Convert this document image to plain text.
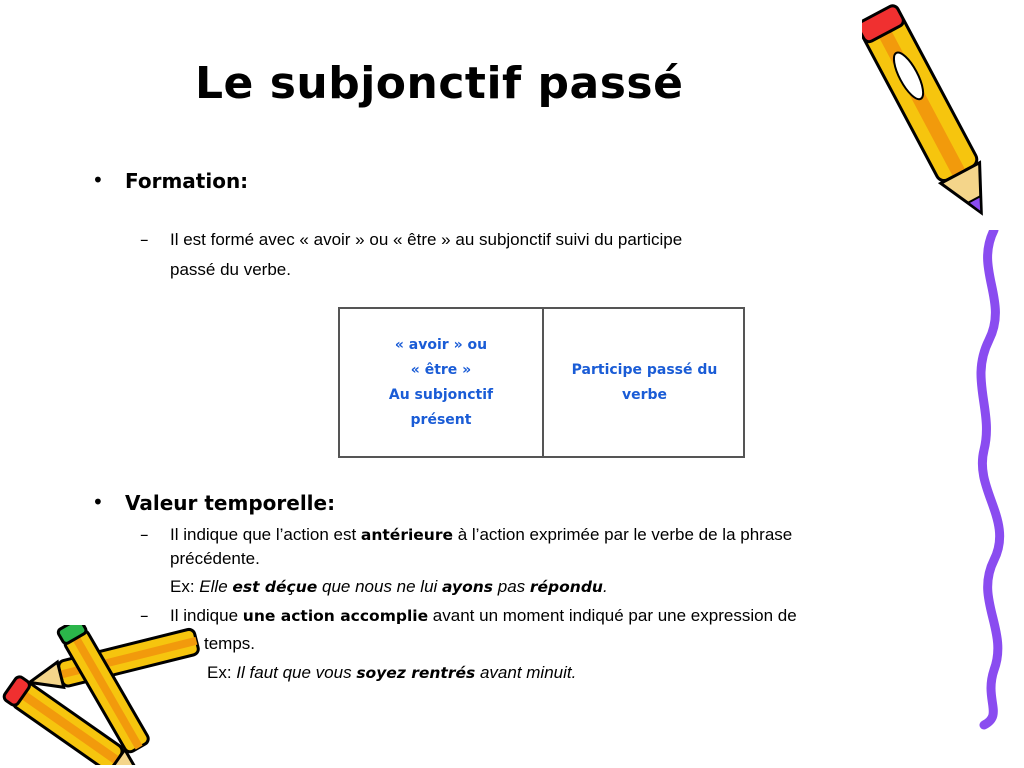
Le subjonctif passé
• Formation:
– Il est formé avec « avoir » ou « être » au subjonctif suivi du participe
passé du verbe.
« avoir » ou
« être »
Au subjonctif
présent
Participe passé du
verbe
• Valeur temporelle:
– Il indique que l’action est antérieure à l’action exprimée par le verbe de la phrase
précédente.
Ex: Elle est déçue que nous ne lui ayons pas répondu.
– Il indique une action accomplie avant un moment indiqué par une expression de
temps.
Ex: Il faut que vous soyez rentrés avant minuit.
